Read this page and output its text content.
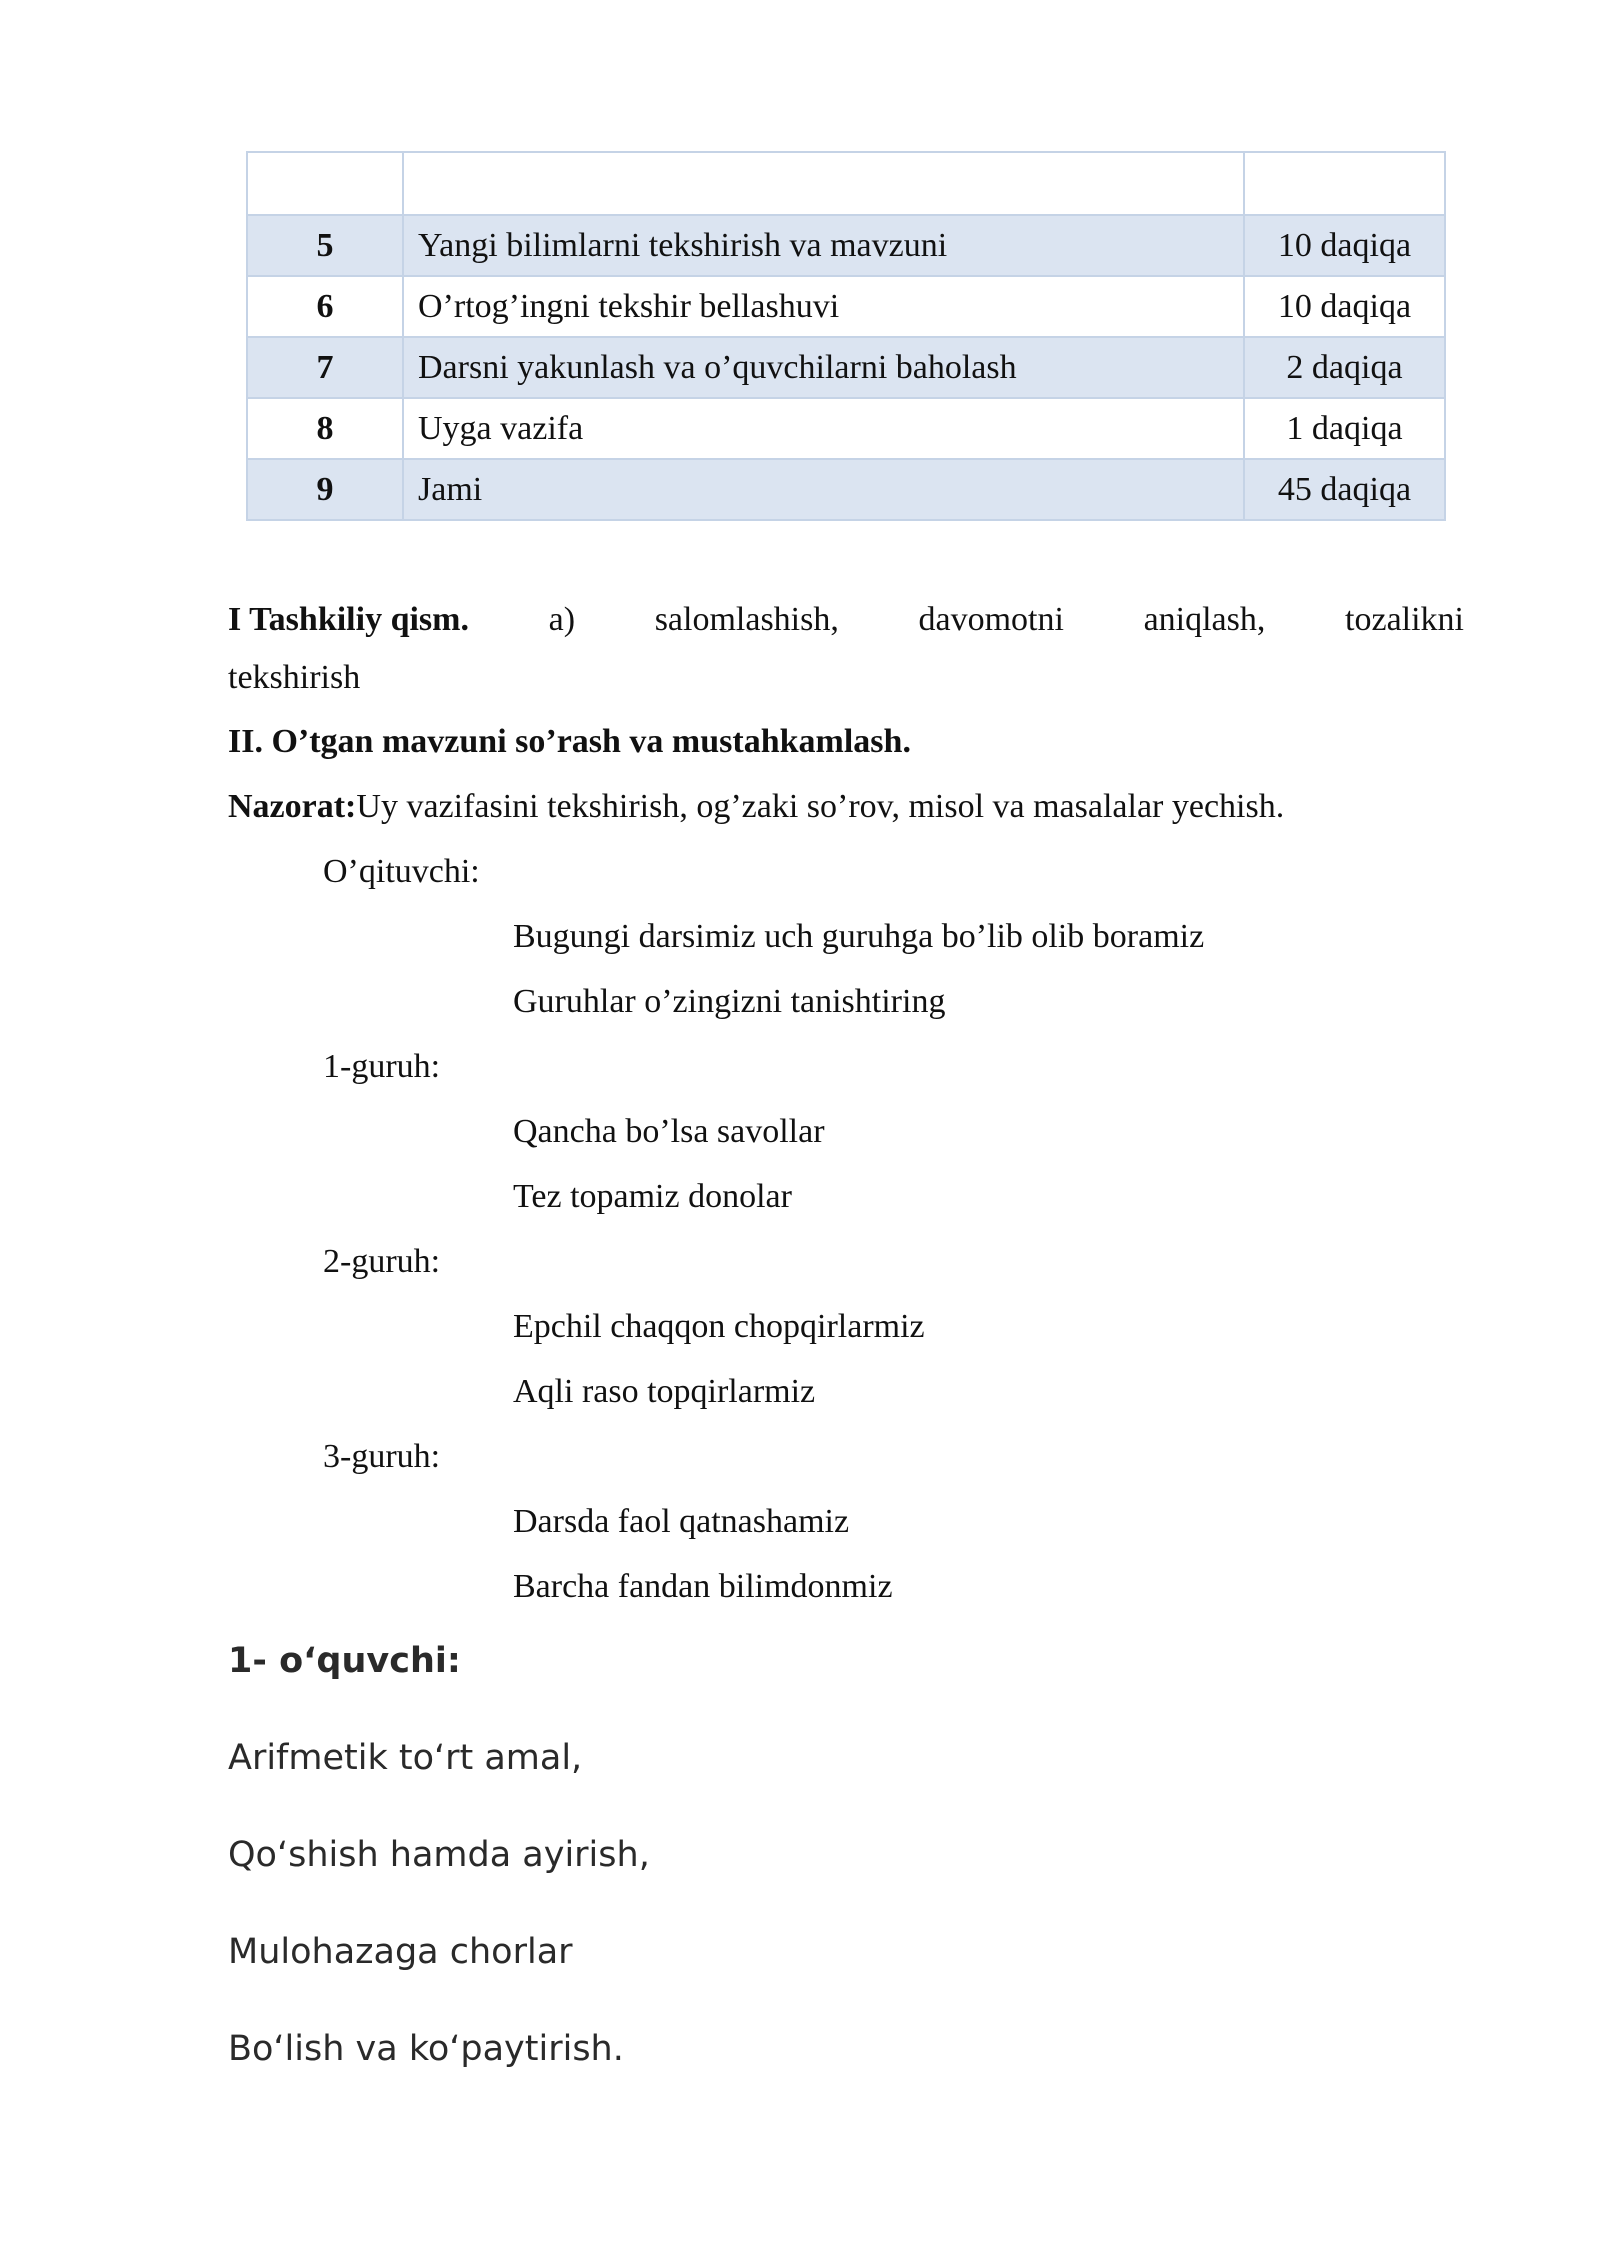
5	Yangi bilimlarni tekshirish va mavzuni	10 daqiqa
6	O’rtog’ingni tekshir bellashuvi	10 daqiqa
7	Darsni yakunlash va o’quvchilarni baholash	2 daqiqa
8	Uyga vazifa	1 daqiqa
9	Jami	45 daqiqa
I Tashkiliy qism. a) salomlashish, davomotni aniqlash, tozalikni
tekshirish
II. O’tgan mavzuni so’rash va mustahkamlash.
Nazorat:Uy vazifasini tekshirish, og’zaki so’rov, misol va masalalar yechish.
O’qituvchi:
Bugungi darsimiz uch guruhga bo’lib olib boramiz
Guruhlar o’zingizni tanishtiring
1-guruh:
Qancha bo’lsa savollar
Tez topamiz donolar
2-guruh:
Epchil chaqqon chopqirlarmiz
Aqli raso topqirlarmiz
3-guruh:
Darsda faol qatnashamiz
Barcha fandan bilimdonmiz
1- o‘quvchi:
Arifmetik to‘rt amal,
Qo‘shish hamda ayirish,
Mulohazaga chorlar
Bo‘lish va ko‘paytirish.
